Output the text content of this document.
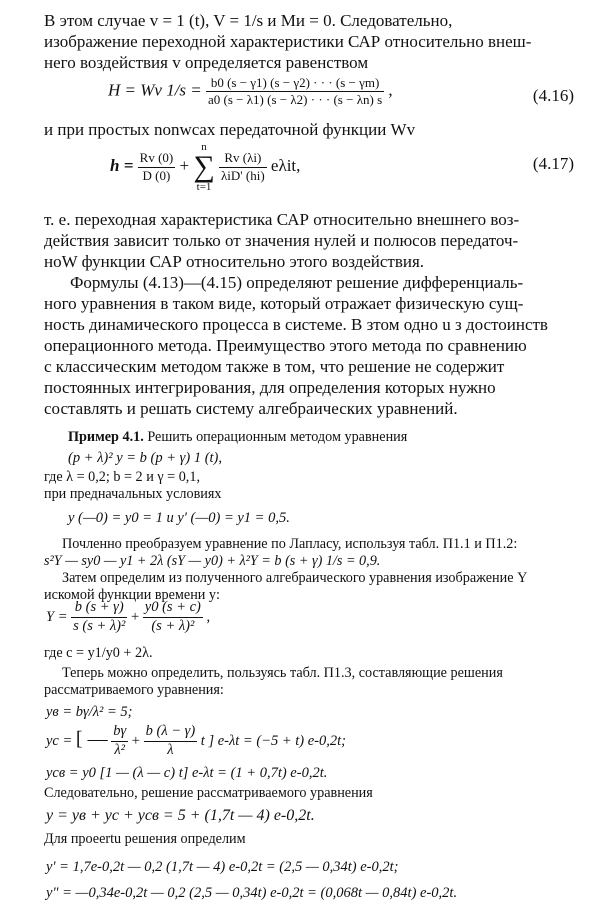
В этом случае v = 1 (t), V = 1/s и Mи = 0. Следовательно,
изображение переходной характеристики САР относительно внеш-
него воздействия v определяется равенством
H = Wv $1/s = \frac{b0 (s - \gamma 1) (s - \gamma 2) \cdot \cdot \cdot (s - \gamma m)}{a0 (s - \lambda 1) (s - \lambda 2) \cdot \cdot \cdot (s - \lambda n) s}$ ,	(4.16)
и при простых nonwcax передаточной функции Wv
$h = \frac{Rv (0)}{D (0)}$ +
n
∑
t=1

$\frac{Rv (\lambda i)}{\text{λiD' (hi)}} e\lambda it$,	(4.17)
т. е. переходная характеристика САР относительно внешнего воз-
действия зависит только от значения нулей и полюсов передаточ-
ноW функции САР относительно этого воздействия.
Формулы (4.13)—(4.15) определяют решение дифференциаль-
ного уравнения в таком виде, который отражает физическую сущ-
ность динамического процесса в системе. В зтом одно u з достоинств
операционного метода. Преимущество этого метода по сравнению
с классическим методом также в том, что решение не содержит
постоянных интегрирования, для определения которых нужно
составлять и решать систему алгебраических уравнений.
Пример 4.1. Решить операционным методом уравнения
(p + λ)² y = b (p + γ) 1 (t),
где λ = 0,2; b = 2 и γ = 0,1,
при предначальных условиях
y (—0) = y0 = 1 и y' (—0) = y1 = 0,5.
Почленно преобразуем уравнение по Лапласу, используя табл. П1.1 и П1.2:
s²Y — sy0 — y1 + 2λ (sY — y0) + λ²Y = b (s + γ) 1/s = 0,9.
Затем определим из полученного алгебраического уравнения изображение Y
искомой функции времени y:
$Y = \frac{b (s + \gamma)}{\text{s (s + λ)²}} + \frac{y0 (s + c)}{\text{(s + λ)²}}$ ,
где c = y1/y0 + 2λ.
Теперь можно определить, пользуясь табл. П1.3, составляющие решения
рассматриваемого уравнения:
yв = bγ/λ² = 5;
yc = [ — $\frac{b\gamma}{\text{λ²}} + \frac{b (\lambda - \gamma)}{\lambda}$ t ] e-λt = (−5 + t) e-0,2t;
ycв = y0 [1 — (λ — c) t] e-λt = (1 + 0,7t) e-0,2t.
Следовательно, решение рассматриваемого уравнения
y = yв + yc + ycв = 5 + (1,7t — 4) e-0,2t.
Для проеertu решения определим
y' = 1,7e-0,2t — 0,2 (1,7t — 4) e-0,2t = (2,5 — 0,34t) e-0,2t;
y" = —0,34e-0,2t — 0,2 (2,5 — 0,34t) e-0,2t = (0,068t — 0,84t) e-0,2t.
